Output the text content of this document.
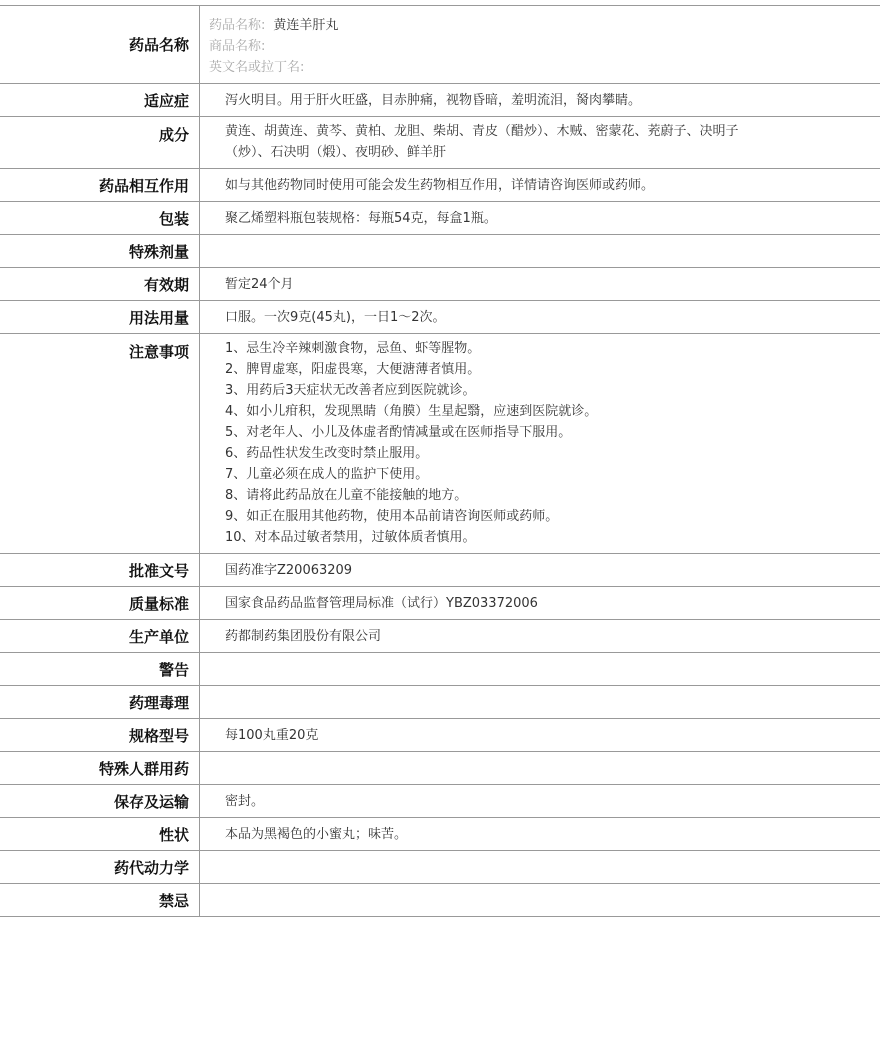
药品名称
药品名称: 黄连羊肝丸
商品名称:
英文名或拉丁名:
适应症	泻火明目。用于肝火旺盛，目赤肿痛，视物昏暗，羞明流泪，胬肉攀睛。
成分	黄连、胡黄连、黄芩、黄柏、龙胆、柴胡、青皮（醋炒）、木贼、密蒙花、茺蔚子、决明子
（炒）、石决明（煅）、夜明砂、鲜羊肝
药品相互作用	如与其他药物同时使用可能会发生药物相互作用，详情请咨询医师或药师。
包装	聚乙烯塑料瓶包装规格：每瓶54克，每盒1瓶。
特殊剂量
有效期	暂定24个月
用法用量	口服。一次9克(45丸)，一日1～2次。
注意事项	1、忌生冷辛辣刺激食物，忌鱼、虾等腥物。
2、脾胃虚寒，阳虚畏寒，大便溏薄者慎用。
3、用药后3天症状无改善者应到医院就诊。
4、如小儿疳积，发现黑睛（角膜）生星起翳，应速到医院就诊。
5、对老年人、小儿及体虚者酌情减量或在医师指导下服用。
6、药品性状发生改变时禁止服用。
7、儿童必须在成人的监护下使用。
8、请将此药品放在儿童不能接触的地方。
9、如正在服用其他药物，使用本品前请咨询医师或药师。
10、对本品过敏者禁用，过敏体质者慎用。
批准文号	国药准字Z20063209
质量标准	国家食品药品监督管理局标准（试行）YBZ03372006
生产单位	药都制药集团股份有限公司
警告
药理毒理
规格型号	每100丸重20克
特殊人群用药
保存及运输	密封。
性状	本品为黑褐色的小蜜丸；味苦。
药代动力学
禁忌
